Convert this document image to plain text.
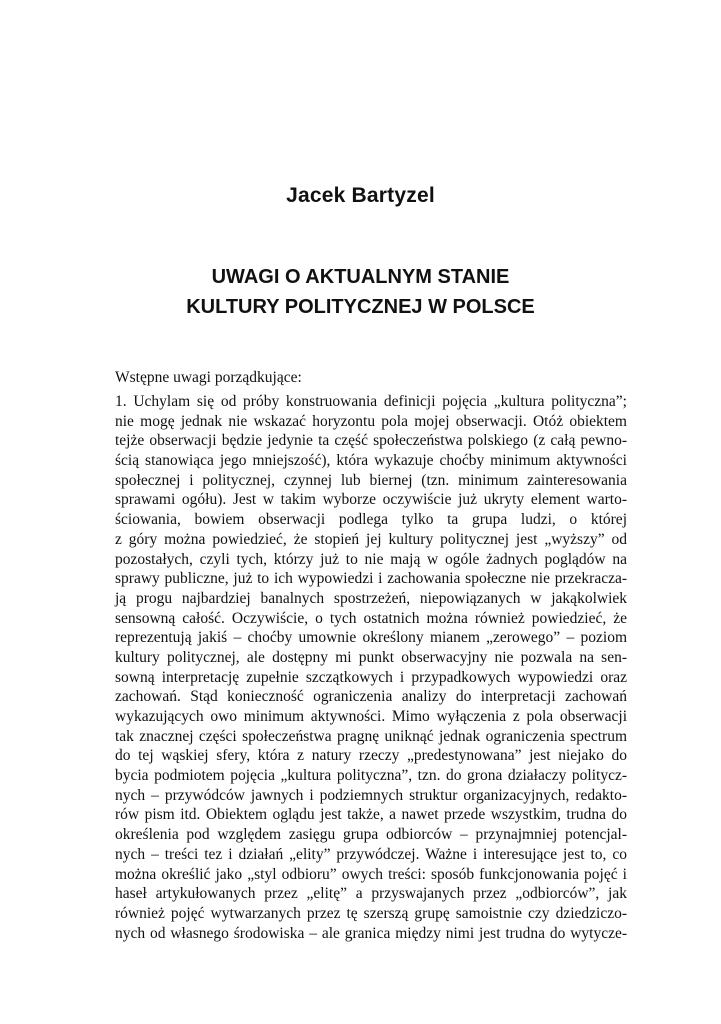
Jacek Bartyzel
UWAGI O AKTUALNYM STANIE
KULTURY POLITYCZNEJ W POLSCE

Wstępne uwagi porządkujące:

1. Uchylam się od próby konstruowania definicji pojęcia „kultura polityczna”;
nie mogę jednak nie wskazać horyzontu pola mojej obserwacji. Otóż obiektem
tejże obserwacji będzie jedynie ta część społeczeństwa polskiego (z całą pewno-
ścią stanowiąca jego mniejszość), która wykazuje choćby minimum aktywności
społecznej i politycznej, czynnej lub biernej (tzn. minimum zainteresowania
sprawami ogółu). Jest w takim wyborze oczywiście już ukryty element warto-
ściowania, bowiem obserwacji podlega tylko ta grupa ludzi, o której
z góry można powiedzieć, że stopień jej kultury politycznej jest „wyższy” od
pozostałych, czyli tych, którzy już to nie mają w ogóle żadnych poglądów na
sprawy publiczne, już to ich wypowiedzi i zachowania społeczne nie przekracza-
ją progu najbardziej banalnych spostrzeżeń, niepowiązanych w jakąkolwiek
sensowną całość. Oczywiście, o tych ostatnich można również powiedzieć, że
reprezentują jakiś – choćby umownie określony mianem „zerowego” – poziom
kultury politycznej, ale dostępny mi punkt obserwacyjny nie pozwala na sen-
sowną interpretację zupełnie szczątkowych i przypadkowych wypowiedzi oraz
zachowań. Stąd konieczność ograniczenia analizy do interpretacji zachowań
wykazujących owo minimum aktywności. Mimo wyłączenia z pola obserwacji
tak znacznej części społeczeństwa pragnę uniknąć jednak ograniczenia spectrum
do tej wąskiej sfery, która z natury rzeczy „predestynowana” jest niejako do
bycia podmiotem pojęcia „kultura polityczna”, tzn. do grona działaczy politycz-
nych – przywódców jawnych i podziemnych struktur organizacyjnych, redakto-
rów pism itd. Obiektem oglądu jest także, a nawet przede wszystkim, trudna do
określenia pod względem zasięgu grupa odbiorców – przynajmniej potencjal-
nych – treści tez i działań „elity” przywódczej. Ważne i interesujące jest to, co
można określić jako „styl odbioru” owych treści: sposób funkcjonowania pojęć i
haseł artykułowanych przez „elitę” a przyswajanych przez „odbiorców”, jak
również pojęć wytwarzanych przez tę szerszą grupę samoistnie czy dziedziczo-
nych od własnego środowiska – ale granica między nimi jest trudna do wytycze-
